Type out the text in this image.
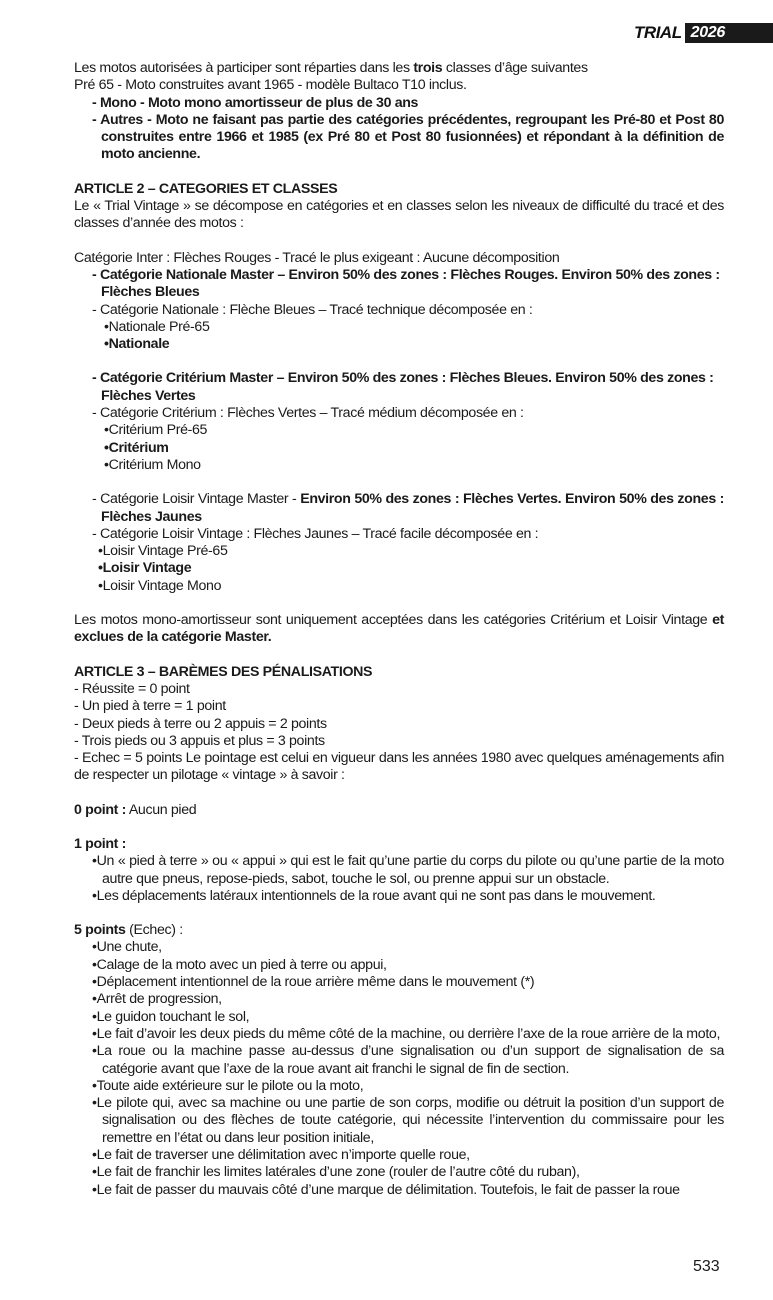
TRIAL 2026

Les motos autorisées à participer sont réparties dans les trois classes d’âge suivantes

Pré 65 - Moto construites avant 1965 - modèle Bultaco T10 inclus.

- Mono - Moto mono amortisseur de plus de 30 ans

- Autres - Moto ne faisant pas partie des catégories précédentes, regroupant les Pré-80 et Post 80 construites entre 1966 et 1985 (ex Pré 80 et Post 80 fusionnées) et répondant à la définition de moto ancienne.

ARTICLE 2 – CATEGORIES ET CLASSES

Le « Trial Vintage » se décompose en catégories et en classes selon les niveaux de difficulté du tracé et des classes d’année des motos :

Catégorie Inter : Flèches Rouges - Tracé le plus exigeant : Aucune décomposition

- Catégorie Nationale Master – Environ 50% des zones : Flèches Rouges. Environ 50% des zones : Flèches Bleues

- Catégorie Nationale : Flèche Bleues – Tracé technique décomposée en :

•Nationale Pré-65

•Nationale

- Catégorie Critérium Master – Environ 50% des zones : Flèches Bleues. Environ 50% des zones : Flèches Vertes

- Catégorie Critérium : Flèches Vertes – Tracé médium décomposée en :

•Critérium Pré-65

•Critérium

•Critérium Mono

- Catégorie Loisir Vintage Master - Environ 50% des zones : Flèches Vertes. Environ 50% des zones : Flèches Jaunes

- Catégorie Loisir Vintage : Flèches Jaunes – Tracé facile décomposée en :

•Loisir Vintage Pré-65

•Loisir Vintage

•Loisir Vintage Mono

Les motos mono-amortisseur sont uniquement acceptées dans les catégories Critérium et Loisir Vintage et exclues de la catégorie Master.

ARTICLE 3 – BARÈMES DES PÉNALISATIONS

- Réussite = 0 point

- Un pied à terre = 1 point

- Deux pieds à terre ou 2 appuis = 2 points

- Trois pieds ou 3 appuis et plus = 3 points

- Echec = 5 points Le pointage est celui en vigueur dans les années 1980 avec quelques aménagements afin de respecter un pilotage « vintage » à savoir :

0 point : Aucun pied

1 point :

•Un « pied à terre » ou « appui » qui est le fait qu’une partie du corps du pilote ou qu’une partie de la moto autre que pneus, repose-pieds, sabot, touche le sol, ou prenne appui sur un obstacle.

•Les déplacements latéraux intentionnels de la roue avant qui ne sont pas dans le mouvement.

5 points (Echec) :

•Une chute,

•Calage de la moto avec un pied à terre ou appui,

•Déplacement intentionnel de la roue arrière même dans le mouvement (*)

•Arrêt de progression,

•Le guidon touchant le sol,

•Le fait d’avoir les deux pieds du même côté de la machine, ou derrière l’axe de la roue arrière de la moto,

•La roue ou la machine passe au-dessus d’une signalisation ou d’un support de signalisation de sa catégorie avant que l’axe de la roue avant ait franchi le signal de fin de section.

•Toute aide extérieure sur le pilote ou la moto,

•Le pilote qui, avec sa machine ou une partie de son corps, modifie ou détruit la position d’un support de signalisation ou des flèches de toute catégorie, qui nécessite l’intervention du commissaire pour les remettre en l’état ou dans leur position initiale,

•Le fait de traverser une délimitation avec n’importe quelle roue,

•Le fait de franchir les limites latérales d’une zone (rouler de l’autre côté du ruban),

•Le fait de passer du mauvais côté d’une marque de délimitation. Toutefois, le fait de passer la roue

533
